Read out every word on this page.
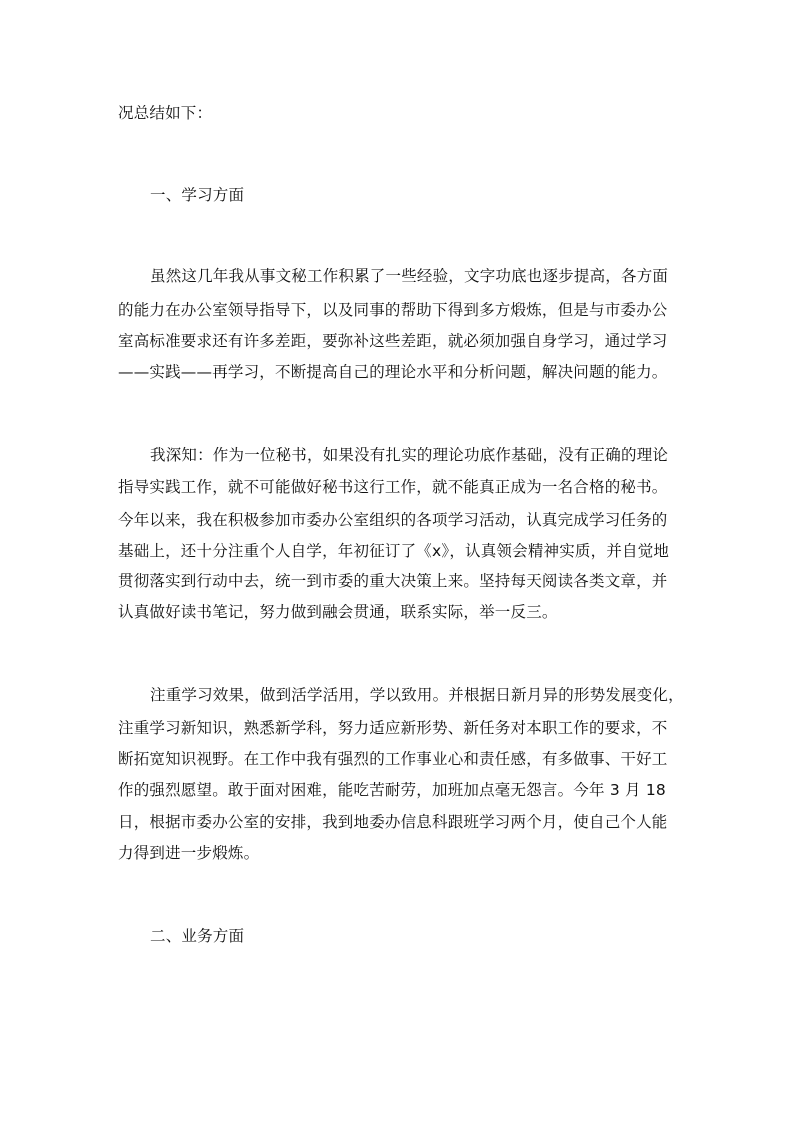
况总结如下：
一、学习方面
虽然这几年我从事文秘工作积累了一些经验，文字功底也逐步提高，各方面
的能力在办公室领导指导下，以及同事的帮助下得到多方煅炼，但是与市委办公
室高标准要求还有许多差距，要弥补这些差距，就必须加强自身学习，通过学习
——实践——再学习，不断提高自己的理论水平和分析问题，解决问题的能力。
我深知：作为一位秘书，如果没有扎实的理论功底作基础，没有正确的理论
指导实践工作，就不可能做好秘书这行工作，就不能真正成为一名合格的秘书。
今年以来，我在积极参加市委办公室组织的各项学习活动，认真完成学习任务的
基础上，还十分注重个人自学，年初征订了《x》，认真领会精神实质，并自觉地
贯彻落实到行动中去，统一到市委的重大决策上来。坚持每天阅读各类文章，并
认真做好读书笔记，努力做到融会贯通，联系实际，举一反三。
注重学习效果，做到活学活用，学以致用。并根据日新月异的形势发展变化，
注重学习新知识，熟悉新学科，努力适应新形势、新任务对本职工作的要求，不
断拓宽知识视野。在工作中我有强烈的工作事业心和责任感，有多做事、干好工
作的强烈愿望。敢于面对困难，能吃苦耐劳，加班加点毫无怨言。今年 3 月 18
日，根据市委办公室的安排，我到地委办信息科跟班学习两个月，使自己个人能
力得到进一步煅炼。
二、业务方面
